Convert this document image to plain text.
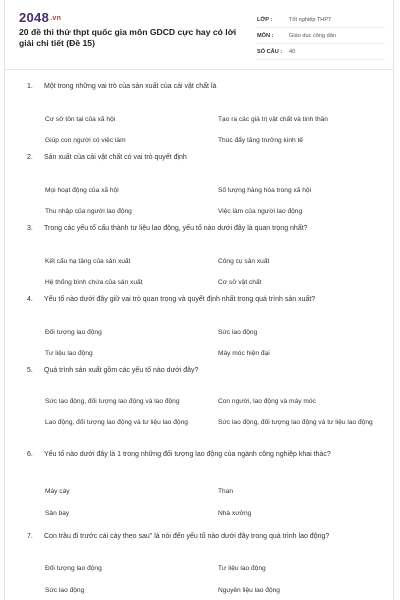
2048.vn
20 đề thi thử thpt quốc gia môn GDCD cực hay có lời giải chi tiết (Đề 15)
LỚP :	Tốt nghiệp THPT
MÔN :	Giáo dục công dân
SỐ CÂU :	40
1.	Một trong những vai trò của sản xuất của cải vật chất là
Cơ sở tồn tại của xã hội	Tạo ra các giá trị vật chất và tinh thần
Giúp con người có việc làm	Thúc đẩy tăng trưởng kinh tế
2.	Sản xuất của cải vật chất có vai trò quyết định
Mọi hoạt động của xã hội	Số lượng hàng hóa trong xã hội
Thu nhập của người lao động	Việc làm của người lao động
3.	Trong các yếu tố cấu thành tư liệu lao động, yếu tố nào dưới đây là quan trọng nhất?
Kết cấu hạ tầng của sản xuất	Công cụ sản xuất
Hệ thống bình chứa của sản xuất	Cơ sở vật chất
4.	Yếu tố nào dưới đây giữ vai trò quan trọng và quyết định nhất trong quá trình sản xuất?
Đối tượng lao động	Sức lao động
Tư liệu lao động	Máy móc hiện đại
5.	Quá trình sản xuất gồm các yếu tố nào dưới đây?
Sức lao động, đối tượng lao động và lao động	Con người, lao động và máy móc
Lao động, đối tượng lao động và tư liệu lao động	Sức lao động, đối tượng lao động và tư liệu lao động
6.	Yếu tố nào dưới đây là 1 trong những đối tượng lao động của ngành công nghiệp khai thác?
Máy cày	Than
Sân bay	Nhà xưởng
7.	Con trâu đi trước cái cày theo sau" là nói đến yếu tố nào dưới đây trong quá trình lao động?
Đối tượng lao động	Tư liệu lao động
Sức lao động	Nguyên liệu lao động
